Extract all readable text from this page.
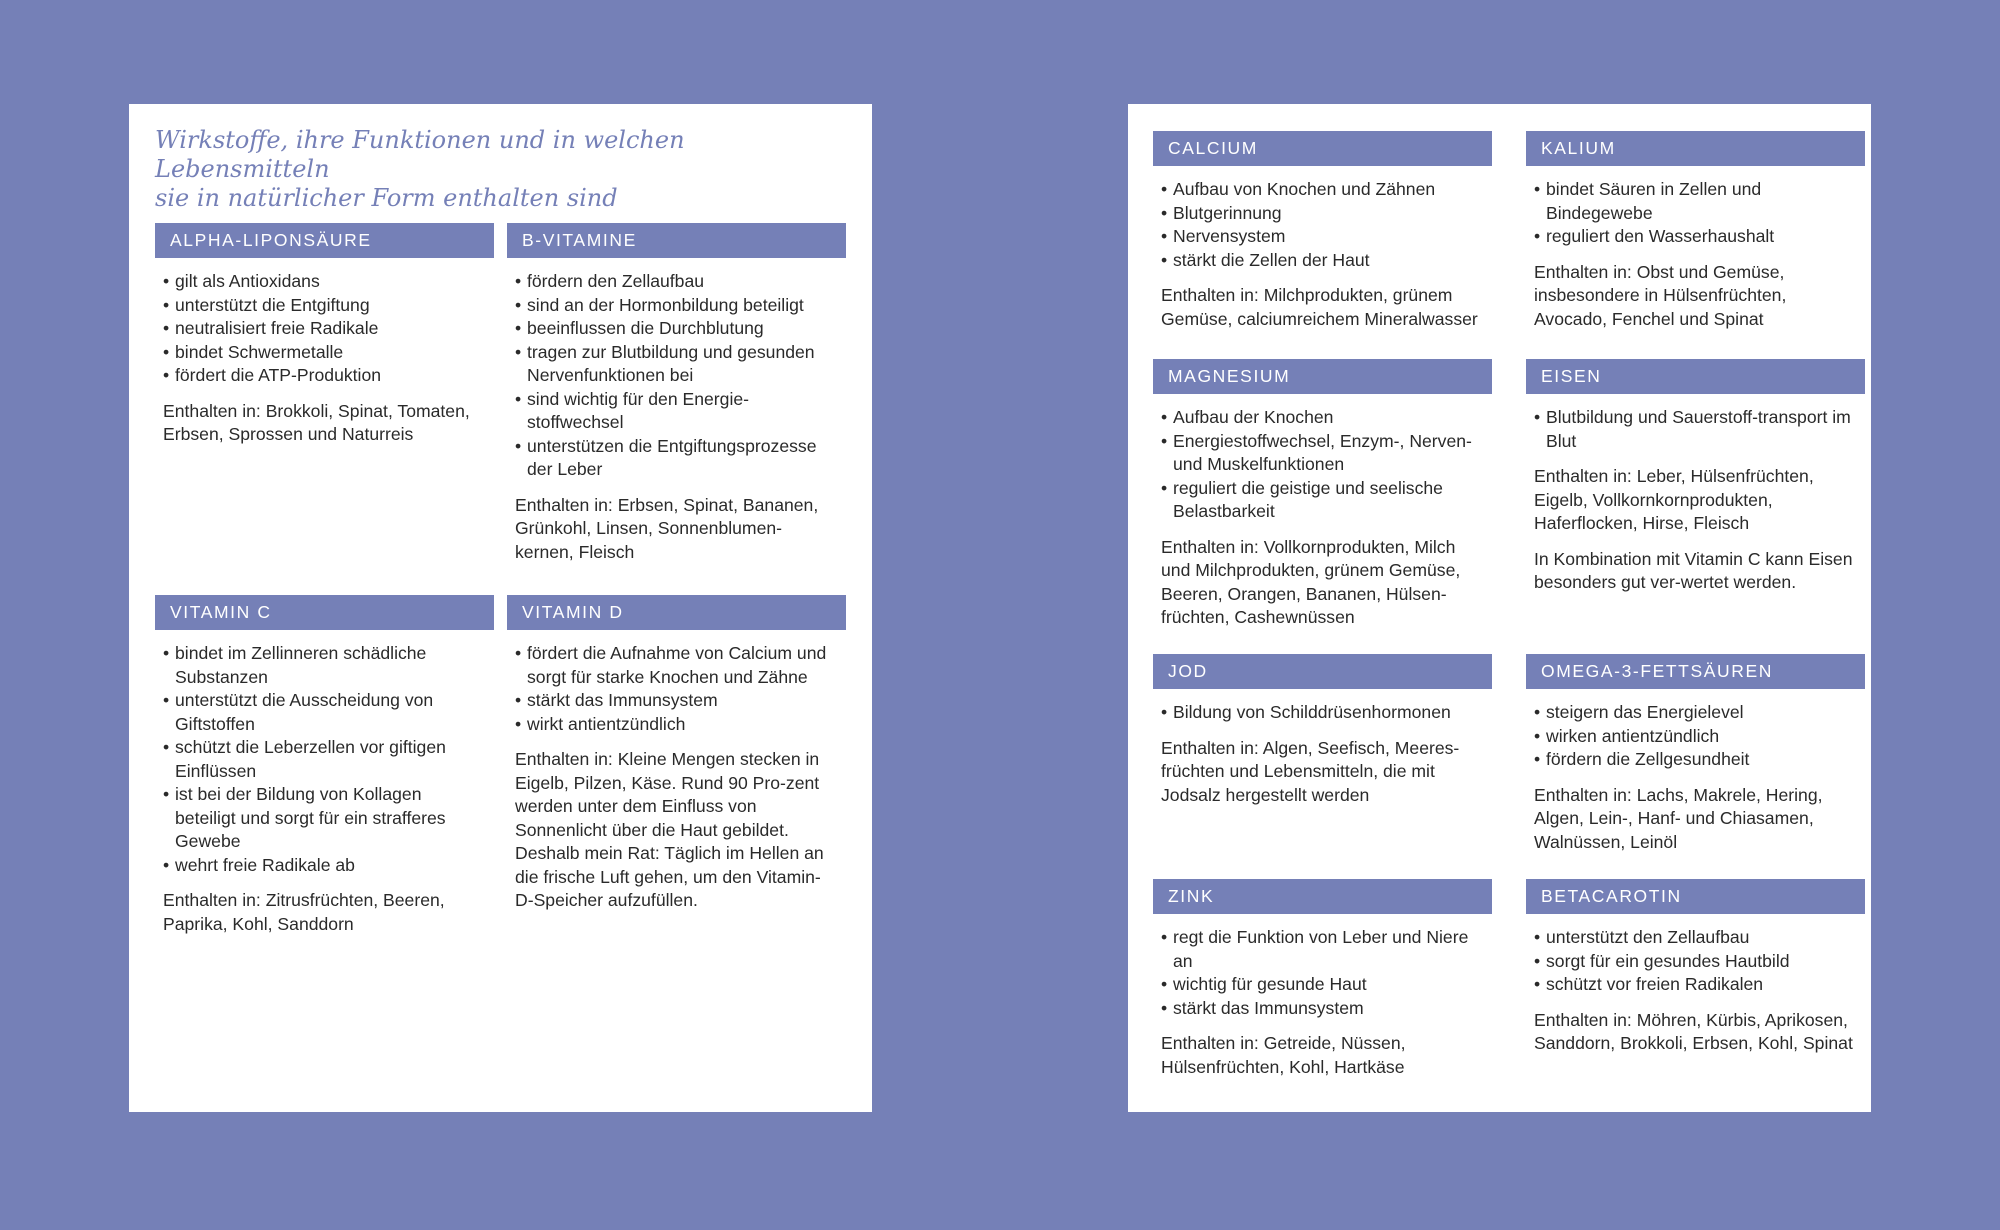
Wirkstoffe, ihre Funktionen und in welchen Lebensmitteln
sie in natürlicher Form enthalten sind
ALPHA-LIPONSÄURE
• gilt als Antioxidans
• unterstützt die Entgiftung
• neutralisiert freie Radikale
• bindet Schwermetalle
• fördert die ATP-Produktion

Enthalten in: Brokkoli, Spinat, Tomaten, Erbsen, Sprossen und Naturreis

B-VITAMINE
• fördern den Zellaufbau
• sind an der Hormonbildung beteiligt
• beeinflussen die Durchblutung
• tragen zur Blutbildung und gesunden Nervenfunktionen bei
• sind wichtig für den Energie-stoffwechsel
• unterstützen die Entgiftungsprozesse der Leber

Enthalten in: Erbsen, Spinat, Bananen, Grünkohl, Linsen, Sonnenblumen-kernen, Fleisch

VITAMIN C
• bindet im Zellinneren schädliche Substanzen
• unterstützt die Ausscheidung von Giftstoffen
• schützt die Leberzellen vor giftigen Einflüssen
• ist bei der Bildung von Kollagen beteiligt und sorgt für ein strafferes Gewebe
• wehrt freie Radikale ab

Enthalten in: Zitrusfrüchten, Beeren, Paprika, Kohl, Sanddorn

VITAMIN D
• fördert die Aufnahme von Calcium und sorgt für starke Knochen und Zähne
• stärkt das Immunsystem
• wirkt antientzündlich

Enthalten in: Kleine Mengen stecken in Eigelb, Pilzen, Käse. Rund 90 Pro-zent werden unter dem Einfluss von Sonnenlicht über die Haut gebildet. Deshalb mein Rat: Täglich im Hellen an die frische Luft gehen, um den Vitamin-D-Speicher aufzufüllen.

CALCIUM
• Aufbau von Knochen und Zähnen
• Blutgerinnung
• Nervensystem
• stärkt die Zellen der Haut

Enthalten in: Milchprodukten, grünem Gemüse, calciumreichem Mineralwasser

KALIUM
• bindet Säuren in Zellen und Bindegewebe
• reguliert den Wasserhaushalt

Enthalten in: Obst und Gemüse, insbesondere in Hülsenfrüchten, Avocado, Fenchel und Spinat

MAGNESIUM
• Aufbau der Knochen
• Energiestoffwechsel, Enzym-, Nerven- und Muskelfunktionen
• reguliert die geistige und seelische Belastbarkeit

Enthalten in: Vollkornprodukten, Milch und Milchprodukten, grünem Gemüse, Beeren, Orangen, Bananen, Hülsen-früchten, Cashewnüssen

EISEN
• Blutbildung und Sauerstoff-transport im Blut

Enthalten in: Leber, Hülsenfrüchten, Eigelb, Vollkornkornprodukten, Haferflocken, Hirse, Fleisch

In Kombination mit Vitamin C kann Eisen besonders gut ver-wertet werden.

JOD
• Bildung von Schilddrüsenhormonen

Enthalten in: Algen, Seefisch, Meeres-früchten und Lebensmitteln, die mit Jodsalz hergestellt werden

OMEGA-3-FETTSÄUREN
• steigern das Energielevel
• wirken antientzündlich
• fördern die Zellgesundheit

Enthalten in: Lachs, Makrele, Hering, Algen, Lein-, Hanf- und Chiasamen, Walnüssen, Leinöl

ZINK
• regt die Funktion von Leber und Niere an
• wichtig für gesunde Haut
• stärkt das Immunsystem

Enthalten in: Getreide, Nüssen, Hülsenfrüchten, Kohl, Hartkäse

BETACAROTIN
• unterstützt den Zellaufbau
• sorgt für ein gesundes Hautbild
• schützt vor freien Radikalen

Enthalten in: Möhren, Kürbis, Aprikosen, Sanddorn, Brokkoli, Erbsen, Kohl, Spinat
